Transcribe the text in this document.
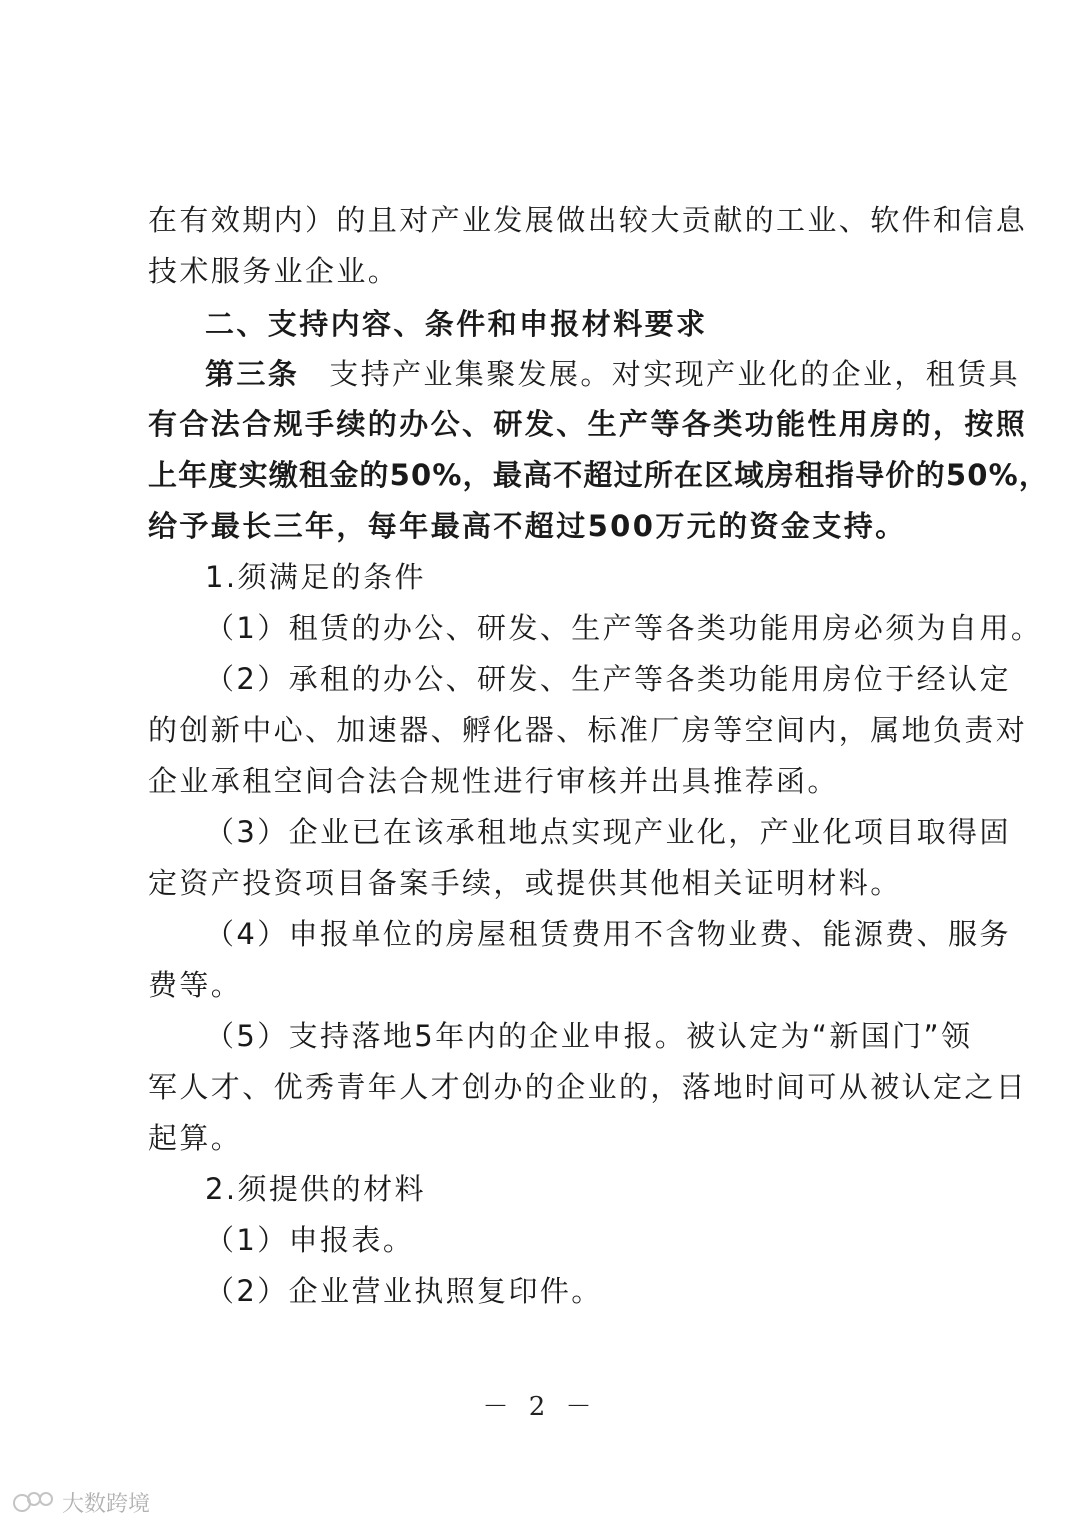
在有效期内）的且对产业发展做出较大贡献的工业、软件和信息
技术服务业企业。
二、支持内容、条件和申报材料要求
第三条 支持产业集聚发展。对实现产业化的企业，租赁具
有合法合规手续的办公、研发、生产等各类功能性用房的，按照
上年度实缴租金的50%，最高不超过所在区域房租指导价的50%，
给予最长三年，每年最高不超过500万元的资金支持。
1.须满足的条件
（1）租赁的办公、研发、生产等各类功能用房必须为自用。
（2）承租的办公、研发、生产等各类功能用房位于经认定
的创新中心、加速器、孵化器、标准厂房等空间内，属地负责对
企业承租空间合法合规性进行审核并出具推荐函。
（3）企业已在该承租地点实现产业化，产业化项目取得固
定资产投资项目备案手续，或提供其他相关证明材料。
（4）申报单位的房屋租赁费用不含物业费、能源费、服务
费等。
（5）支持落地5年内的企业申报。被认定为“新国门”领
军人才、优秀青年人才创办的企业的，落地时间可从被认定之日
起算。
2.须提供的材料
（1）申报表。
（2）企业营业执照复印件。
－ 2 －
大数跨境
